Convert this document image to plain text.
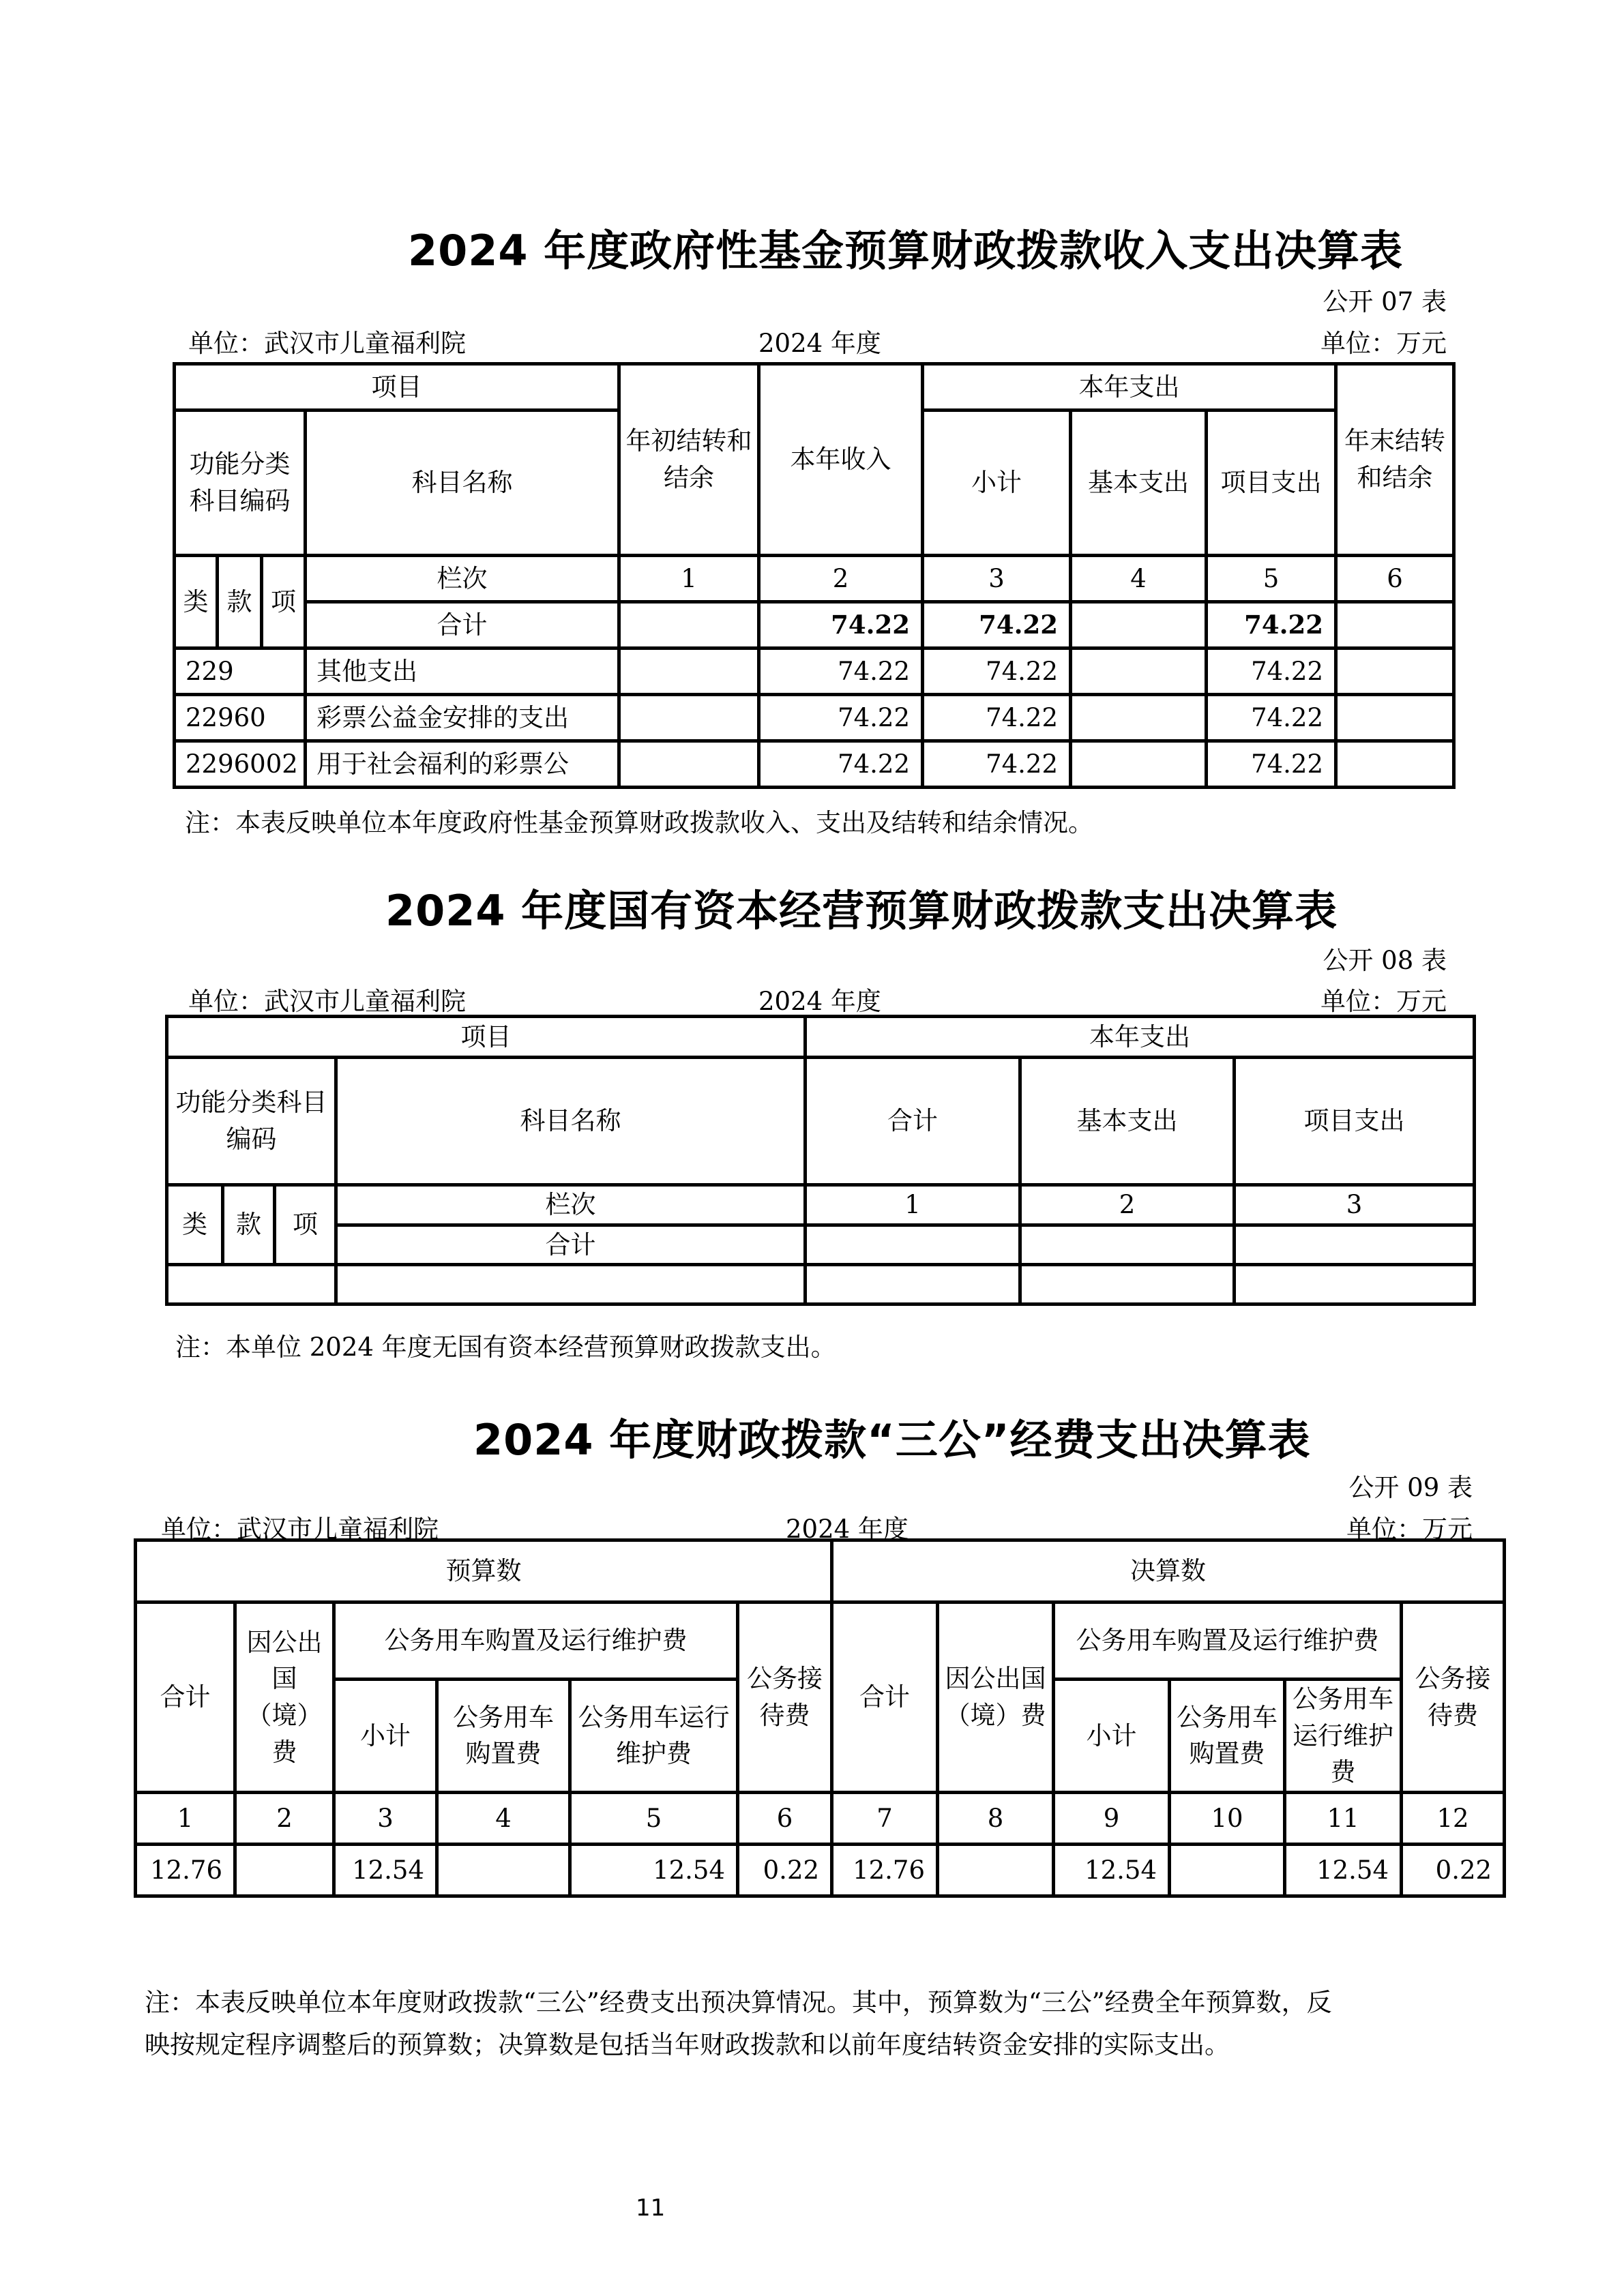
2024 年度政府性基金预算财政拨款收入支出决算表
公开 07 表
单位：武汉市儿童福利院	2024 年度	单位：万元
项目				年初结转和结余	本年收入	本年支出			年末结转和结余
功能分类科目编码			科目名称			小计	基本支出	项目支出	
类	款	项	栏次	1	2	3	4	5	6
			合计		74.22	74.22		74.22	
229			其他支出		74.22	74.22		74.22	
22960			彩票公益金安排的支出		74.22	74.22		74.22	
2296002			用于社会福利的彩票公		74.22	74.22		74.22	
注：本表反映单位本年度政府性基金预算财政拨款收入、支出及结转和结余情况。
2024 年度国有资本经营预算财政拨款支出决算表
公开 08 表
单位：武汉市儿童福利院	2024 年度	单位：万元
项目				本年支出		
功能分类科目编码			科目名称	合计	基本支出	项目支出
类	款	项	栏次	1	2	3
			合计			

注：本单位 2024 年度无国有资本经营预算财政拨款支出。
2024 年度财政拨款“三公”经费支出决算表
公开 09 表
单位：武汉市儿童福利院	2024 年度	单位：万元
预算数						决算数					
合计	因公出国（境）费	公务用车购置及运行维护费			公务接待费	合计	因公出国（境）费	公务用车购置及运行维护费			公务接待费
		小计	公务用车购置费	公务用车运行维护费				小计	公务用车购置费	公务用车运行维护费	
1	2	3	4	5	6	7	8	9	10	11	12
12.76		12.54		12.54	0.22	12.76		12.54		12.54	0.22
注：本表反映单位本年度财政拨款“三公”经费支出预决算情况。其中，预算数为“三公”经费全年预算数，反
映按规定程序调整后的预算数；决算数是包括当年财政拨款和以前年度结转资金安排的实际支出。
11
